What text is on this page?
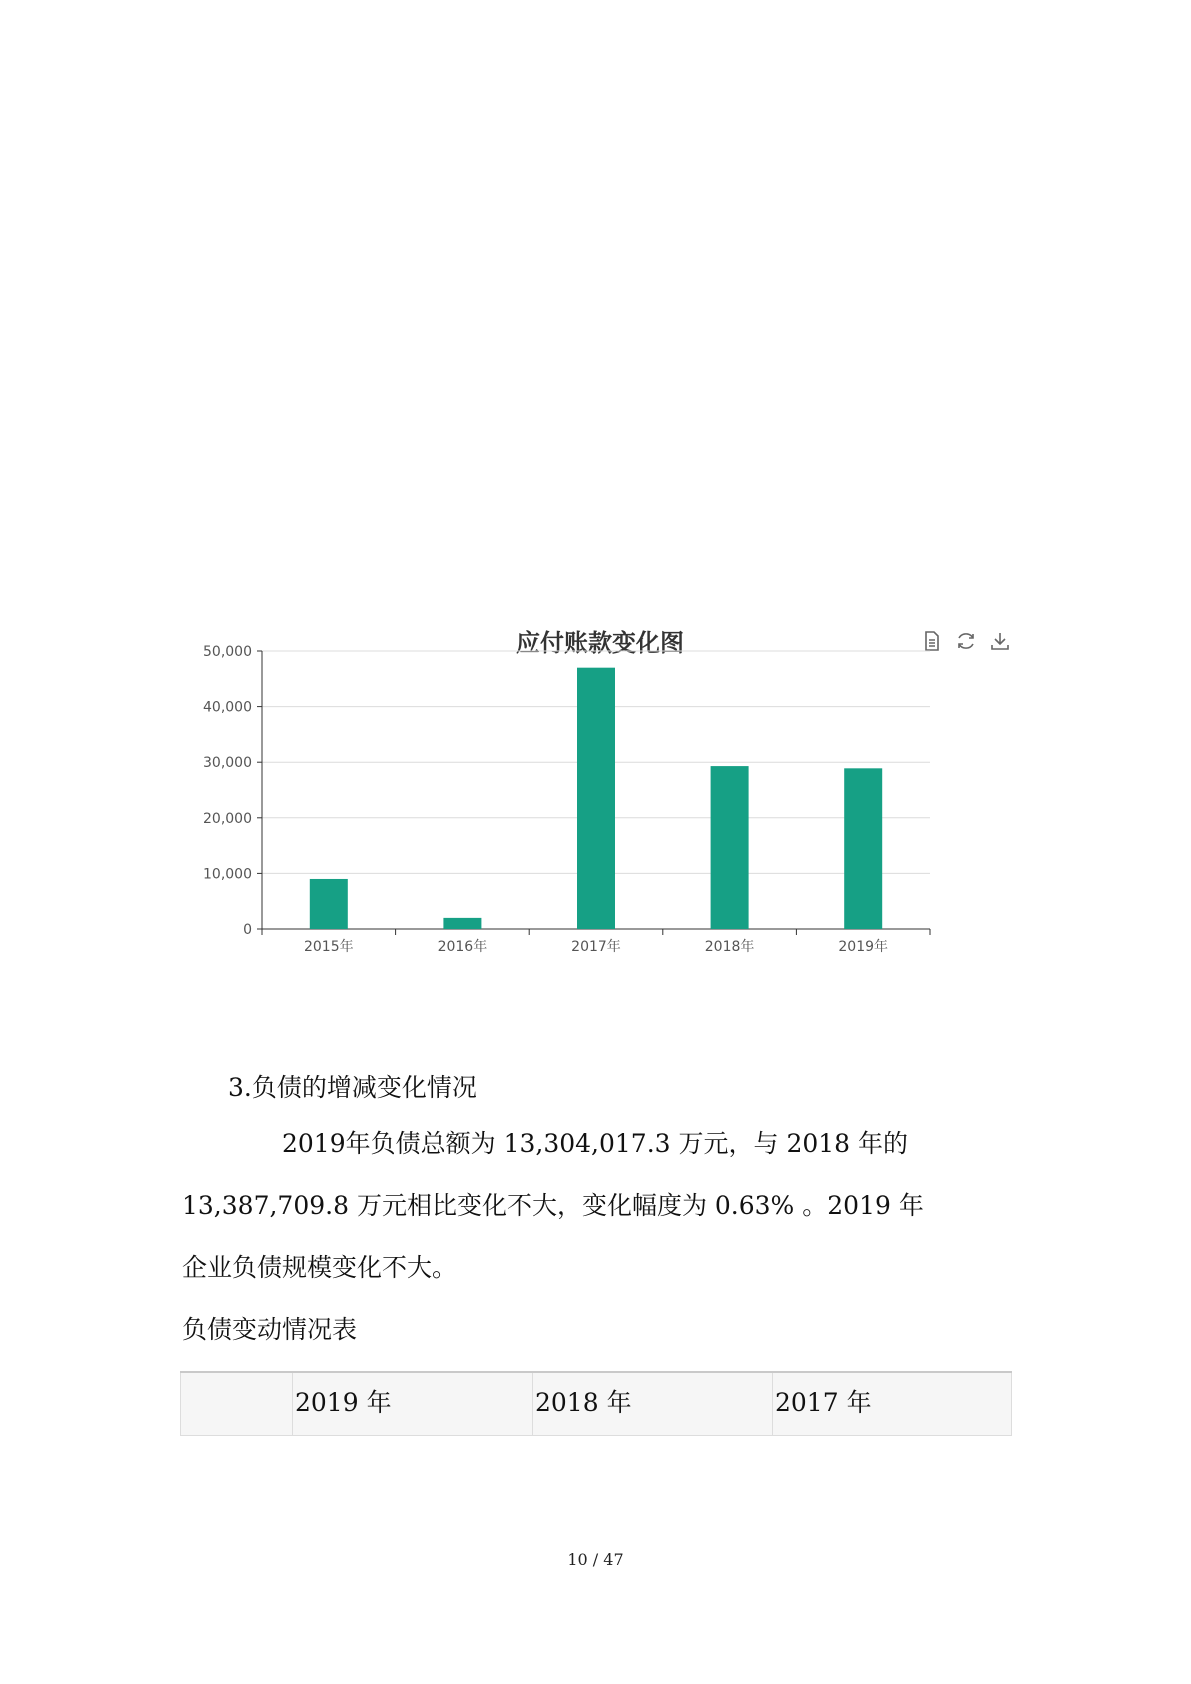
应付账款变化图
0
10,000
20,000
30,000
40,000
50,000
2015年	2016年	2017年	2018年	2019年
3.负债的增减变化情况
2019年负债总额为 13,304,017.3 万元，与 2018 年的
13,387,709.8 万元相比变化不大，变化幅度为 0.63% 。2019 年
企业负债规模变化不大。
负债变动情况表
2019 年	2018 年	2017 年
10 / 47
